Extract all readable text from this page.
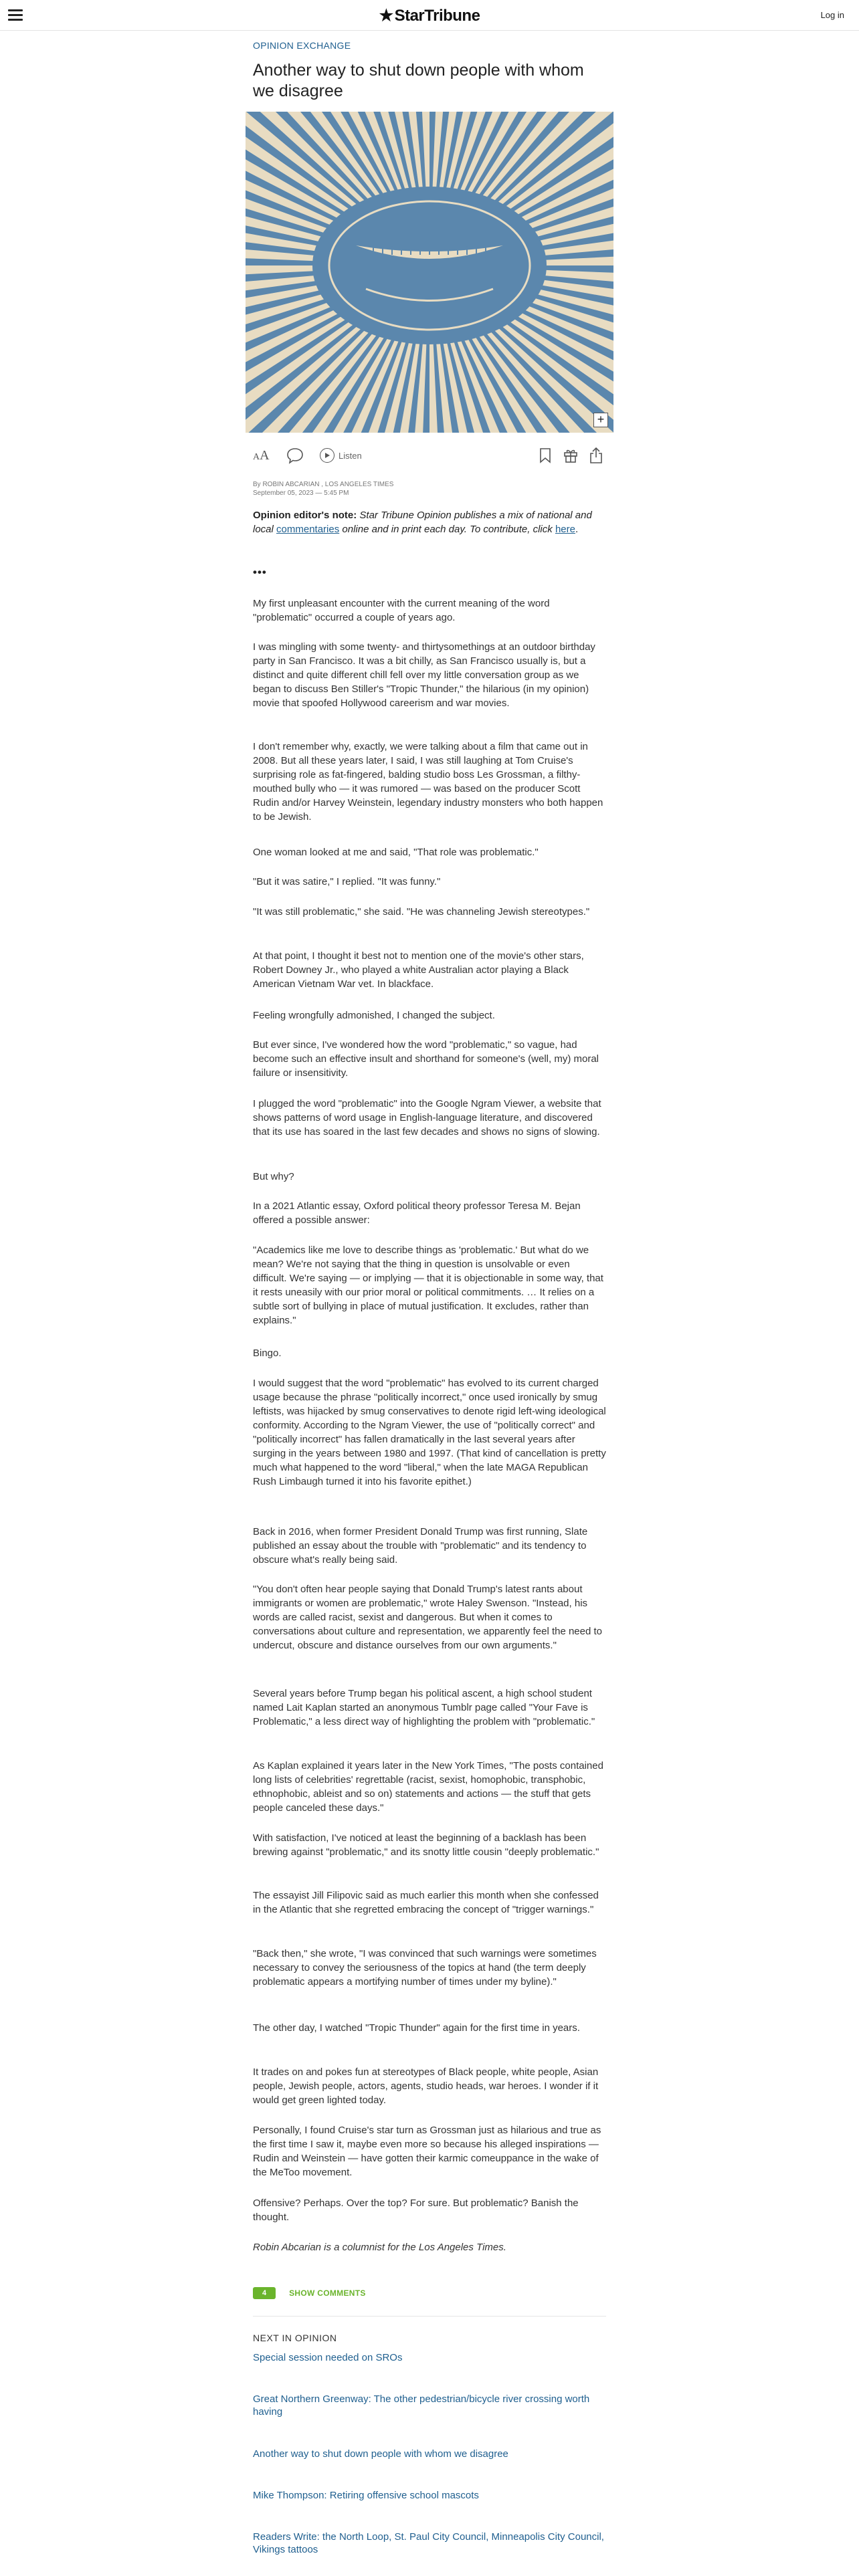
★StarTribune	Log in
OPINION EXCHANGE
Another way to shut down people with whom we disagree
+
AA	Listen
By ROBIN ABCARIAN , LOS ANGELES TIMES
September 05, 2023 — 5:45 PM
Opinion editor's note: Star Tribune Opinion publishes a mix of national and local commentaries online and in print each day. To contribute, click here.
•••

My first unpleasant encounter with the current meaning of the word "problematic" occurred a couple of years ago.

I was mingling with some twenty- and thirtysomethings at an outdoor birthday party in San Francisco. It was a bit chilly, as San Francisco usually is, but a distinct and quite different chill fell over my little conversation group as we began to discuss Ben Stiller's "Tropic Thunder," the hilarious (in my opinion) movie that spoofed Hollywood careerism and war movies.

I don't remember why, exactly, we were talking about a film that came out in 2008. But all these years later, I said, I was still laughing at Tom Cruise's surprising role as fat-fingered, balding studio boss Les Grossman, a filthy-mouthed bully who — it was rumored — was based on the producer Scott Rudin and/or Harvey Weinstein, legendary industry monsters who both happen to be Jewish.

One woman looked at me and said, "That role was problematic."

"But it was satire," I replied. "It was funny."

"It was still problematic," she said. "He was channeling Jewish stereotypes."

At that point, I thought it best not to mention one of the movie's other stars, Robert Downey Jr., who played a white Australian actor playing a Black American Vietnam War vet. In blackface.

Feeling wrongfully admonished, I changed the subject.

But ever since, I've wondered how the word "problematic," so vague, had become such an effective insult and shorthand for someone's (well, my) moral failure or insensitivity.

I plugged the word "problematic" into the Google Ngram Viewer, a website that shows patterns of word usage in English-language literature, and discovered that its use has soared in the last few decades and shows no signs of slowing.

But why?

In a 2021 Atlantic essay, Oxford political theory professor Teresa M. Bejan offered a possible answer:

"Academics like me love to describe things as 'problematic.' But what do we mean? We're not saying that the thing in question is unsolvable or even difficult. We're saying — or implying — that it is objectionable in some way, that it rests uneasily with our prior moral or political commitments. … It relies on a subtle sort of bullying in place of mutual justification. It excludes, rather than explains."

Bingo.

I would suggest that the word "problematic" has evolved to its current charged usage because the phrase "politically incorrect," once used ironically by smug leftists, was hijacked by smug conservatives to denote rigid left-wing ideological conformity. According to the Ngram Viewer, the use of "politically correct" and "politically incorrect" has fallen dramatically in the last several years after surging in the years between 1980 and 1997. (That kind of cancellation is pretty much what happened to the word "liberal," when the late MAGA Republican Rush Limbaugh turned it into his favorite epithet.)

Back in 2016, when former President Donald Trump was first running, Slate published an essay about the trouble with "problematic" and its tendency to obscure what's really being said.

"You don't often hear people saying that Donald Trump's latest rants about immigrants or women are problematic," wrote Haley Swenson. "Instead, his words are called racist, sexist and dangerous. But when it comes to conversations about culture and representation, we apparently feel the need to undercut, obscure and distance ourselves from our own arguments."

Several years before Trump began his political ascent, a high school student named Lait Kaplan started an anonymous Tumblr page called "Your Fave is Problematic," a less direct way of highlighting the problem with "problematic."

As Kaplan explained it years later in the New York Times, "The posts contained long lists of celebrities' regrettable (racist, sexist, homophobic, transphobic, ethnophobic, ableist and so on) statements and actions — the stuff that gets people canceled these days."

With satisfaction, I've noticed at least the beginning of a backlash has been brewing against "problematic," and its snotty little cousin "deeply problematic."

The essayist Jill Filipovic said as much earlier this month when she confessed in the Atlantic that she regretted embracing the concept of "trigger warnings."

"Back then," she wrote, "I was convinced that such warnings were sometimes necessary to convey the seriousness of the topics at hand (the term deeply problematic appears a mortifying number of times under my byline)."

The other day, I watched "Tropic Thunder" again for the first time in years.

It trades on and pokes fun at stereotypes of Black people, white people, Asian people, Jewish people, actors, agents, studio heads, war heroes. I wonder if it would get green lighted today.

Personally, I found Cruise's star turn as Grossman just as hilarious and true as the first time I saw it, maybe even more so because his alleged inspirations — Rudin and Weinstein — have gotten their karmic comeuppance in the wake of the MeToo movement.

Offensive? Perhaps. Over the top? For sure. But problematic? Banish the thought.

Robin Abcarian is a columnist for the Los Angeles Times.

4	SHOW COMMENTS
NEXT IN OPINION
Special session needed on SROs
Great Northern Greenway: The other pedestrian/bicycle river crossing worth having
Another way to shut down people with whom we disagree
Mike Thompson: Retiring offensive school mascots
Readers Write: the North Loop, St. Paul City Council, Minneapolis City Council, Vikings tattoos
